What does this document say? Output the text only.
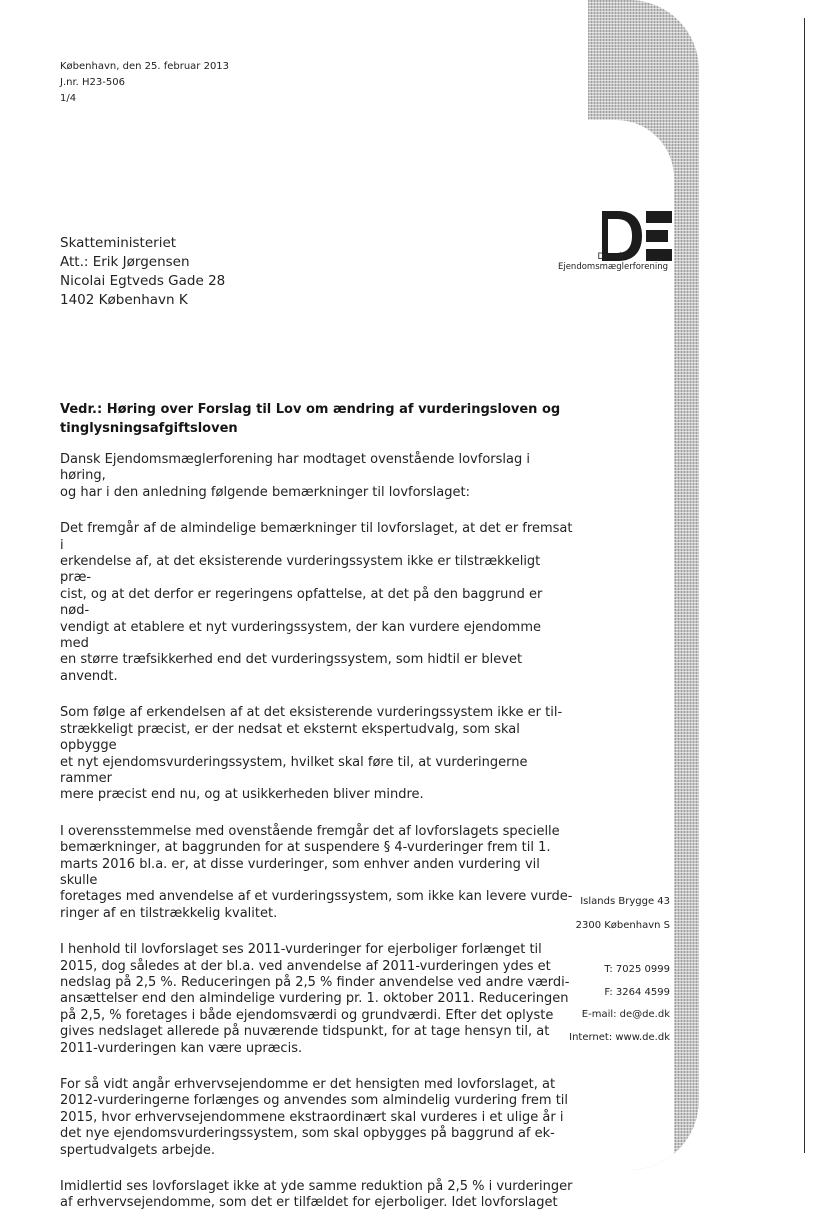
København, den 25. februar 2013
J.nr. H23-506
1/4
Skatteministeriet
Att.: Erik Jørgensen
Nicolai Egtveds Gade 28
1402 København K
Dansk
Ejendomsmæglerforening
Vedr.: Høring over Forslag til Lov om ændring af vurderingsloven og tinglysningsafgiftsloven

Dansk Ejendomsmæglerforening har modtaget ovenstående lovforslag i høring,
og har i den anledning følgende bemærkninger til lovforslaget:

Det fremgår af de almindelige bemærkninger til lovforslaget, at det er fremsat i
erkendelse af, at det eksisterende vurderingssystem ikke er tilstrækkeligt præ-
cist, og at det derfor er regeringens opfattelse, at det på den baggrund er nød-
vendigt at etablere et nyt vurderingssystem, der kan vurdere ejendomme med
en større træfsikkerhed end det vurderingssystem, som hidtil er blevet anvendt.

Som følge af erkendelsen af at det eksisterende vurderingssystem ikke er til-
strækkeligt præcist, er der nedsat et eksternt ekspertudvalg, som skal opbygge
et nyt ejendomsvurderingssystem, hvilket skal føre til, at vurderingerne rammer
mere præcist end nu, og at usikkerheden bliver mindre.

I overensstemmelse med ovenstående fremgår det af lovforslagets specielle
bemærkninger, at baggrunden for at suspendere § 4-vurderinger frem til 1.
marts 2016 bl.a. er, at disse vurderinger, som enhver anden vurdering vil skulle
foretages med anvendelse af et vurderingssystem, som ikke kan levere vurde-
ringer af en tilstrækkelig kvalitet.

I henhold til lovforslaget ses 2011-vurderinger for ejerboliger forlænget til
2015, dog således at der bl.a. ved anvendelse af 2011-vurderingen ydes et
nedslag på 2,5 %. Reduceringen på 2,5 % finder anvendelse ved andre værdi-
ansættelser end den almindelige vurdering pr. 1. oktober 2011. Reduceringen
på 2,5, % foretages i både ejendomsværdi og grundværdi. Efter det oplyste
gives nedslaget allerede på nuværende tidspunkt, for at tage hensyn til, at
2011-vurderingen kan være upræcis.

For så vidt angår erhvervsejendomme er det hensigten med lovforslaget, at
2012-vurderingerne forlænges og anvendes som almindelig vurdering frem til
2015, hvor erhvervsejendommene ekstraordinært skal vurderes i et ulige år i
det nye ejendomsvurderingssystem, som skal opbygges på baggrund af ek-
spertudvalgets arbejde.

Imidlertid ses lovforslaget ikke at yde samme reduktion på 2,5 % i vurderinger
af erhvervsejendomme, som det er tilfældet for ejerboliger. Idet lovforslaget

Islands Brygge 43
2300 København S
T: 7025 0999
F: 3264 4599
E-mail: de@de.dk
Internet: www.de.dk
